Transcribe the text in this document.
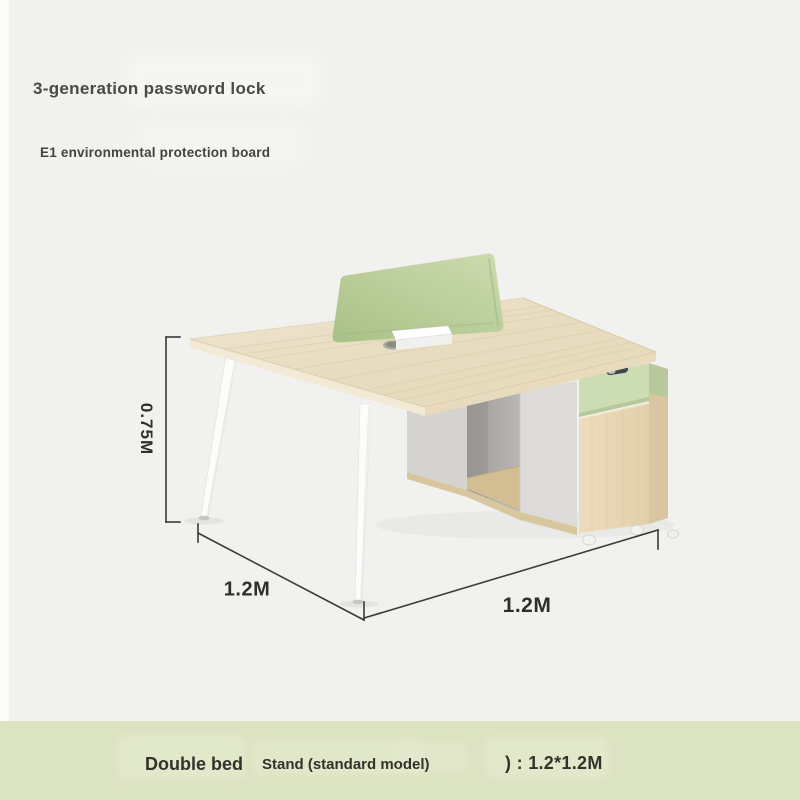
3-generation password lock
E1 environmental protection board
0.75M
1.2M
1.2M
Double bed Stand (standard model)	) : 1.2*1.2M
